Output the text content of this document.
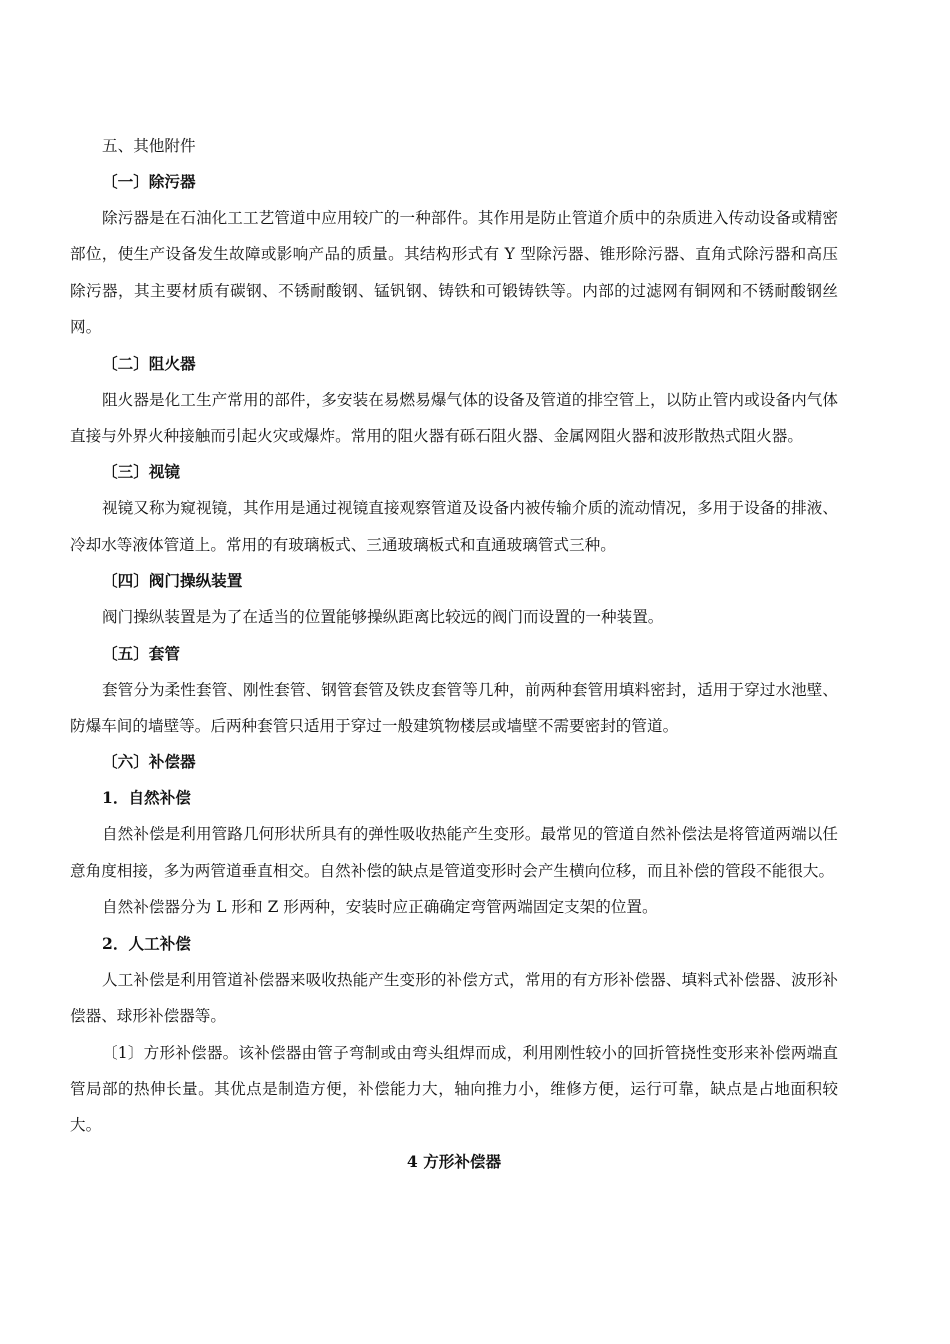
五、其他附件

〔一〕除污器

除污器是在石油化工工艺管道中应用较广的一种部件。其作用是防止管道介质中的杂质进入传动设备或精密部位，使生产设备发生故障或影响产品的质量。其结构形式有 Y 型除污器、锥形除污器、直角式除污器和高压除污器，其主要材质有碳钢、不锈耐酸钢、锰钒钢、铸铁和可锻铸铁等。内部的过滤网有铜网和不锈耐酸钢丝网。

〔二〕阻火器

阻火器是化工生产常用的部件，多安装在易燃易爆气体的设备及管道的排空管上，以防止管内或设备内气体直接与外界火种接触而引起火灾或爆炸。常用的阻火器有砾石阻火器、金属网阻火器和波形散热式阻火器。

〔三〕视镜

视镜又称为窥视镜，其作用是通过视镜直接观察管道及设备内被传输介质的流动情况，多用于设备的排液、冷却水等液体管道上。常用的有玻璃板式、三通玻璃板式和直通玻璃管式三种。

〔四〕阀门操纵装置

阀门操纵装置是为了在适当的位置能够操纵距离比较远的阀门而设置的一种装置。

〔五〕套管

套管分为柔性套管、刚性套管、钢管套管及铁皮套管等几种，前两种套管用填料密封，适用于穿过水池壁、防爆车间的墙壁等。后两种套管只适用于穿过一般建筑物楼层或墙壁不需要密封的管道。

〔六〕补偿器

1．自然补偿

自然补偿是利用管路几何形状所具有的弹性吸收热能产生变形。最常见的管道自然补偿法是将管道两端以任意角度相接，多为两管道垂直相交。自然补偿的缺点是管道变形时会产生横向位移，而且补偿的管段不能很大。

自然补偿器分为 L 形和 Z 形两种，安装时应正确确定弯管两端固定支架的位置。

2．人工补偿

人工补偿是利用管道补偿器来吸收热能产生变形的补偿方式，常用的有方形补偿器、填料式补偿器、波形补偿器、球形补偿器等。

〔1〕方形补偿器。该补偿器由管子弯制或由弯头组焊而成，利用刚性较小的回折管挠性变形来补偿两端直管局部的热伸长量。其优点是制造方便，补偿能力大，轴向推力小，维修方便，运行可靠，缺点是占地面积较大。

4 方形补偿器
